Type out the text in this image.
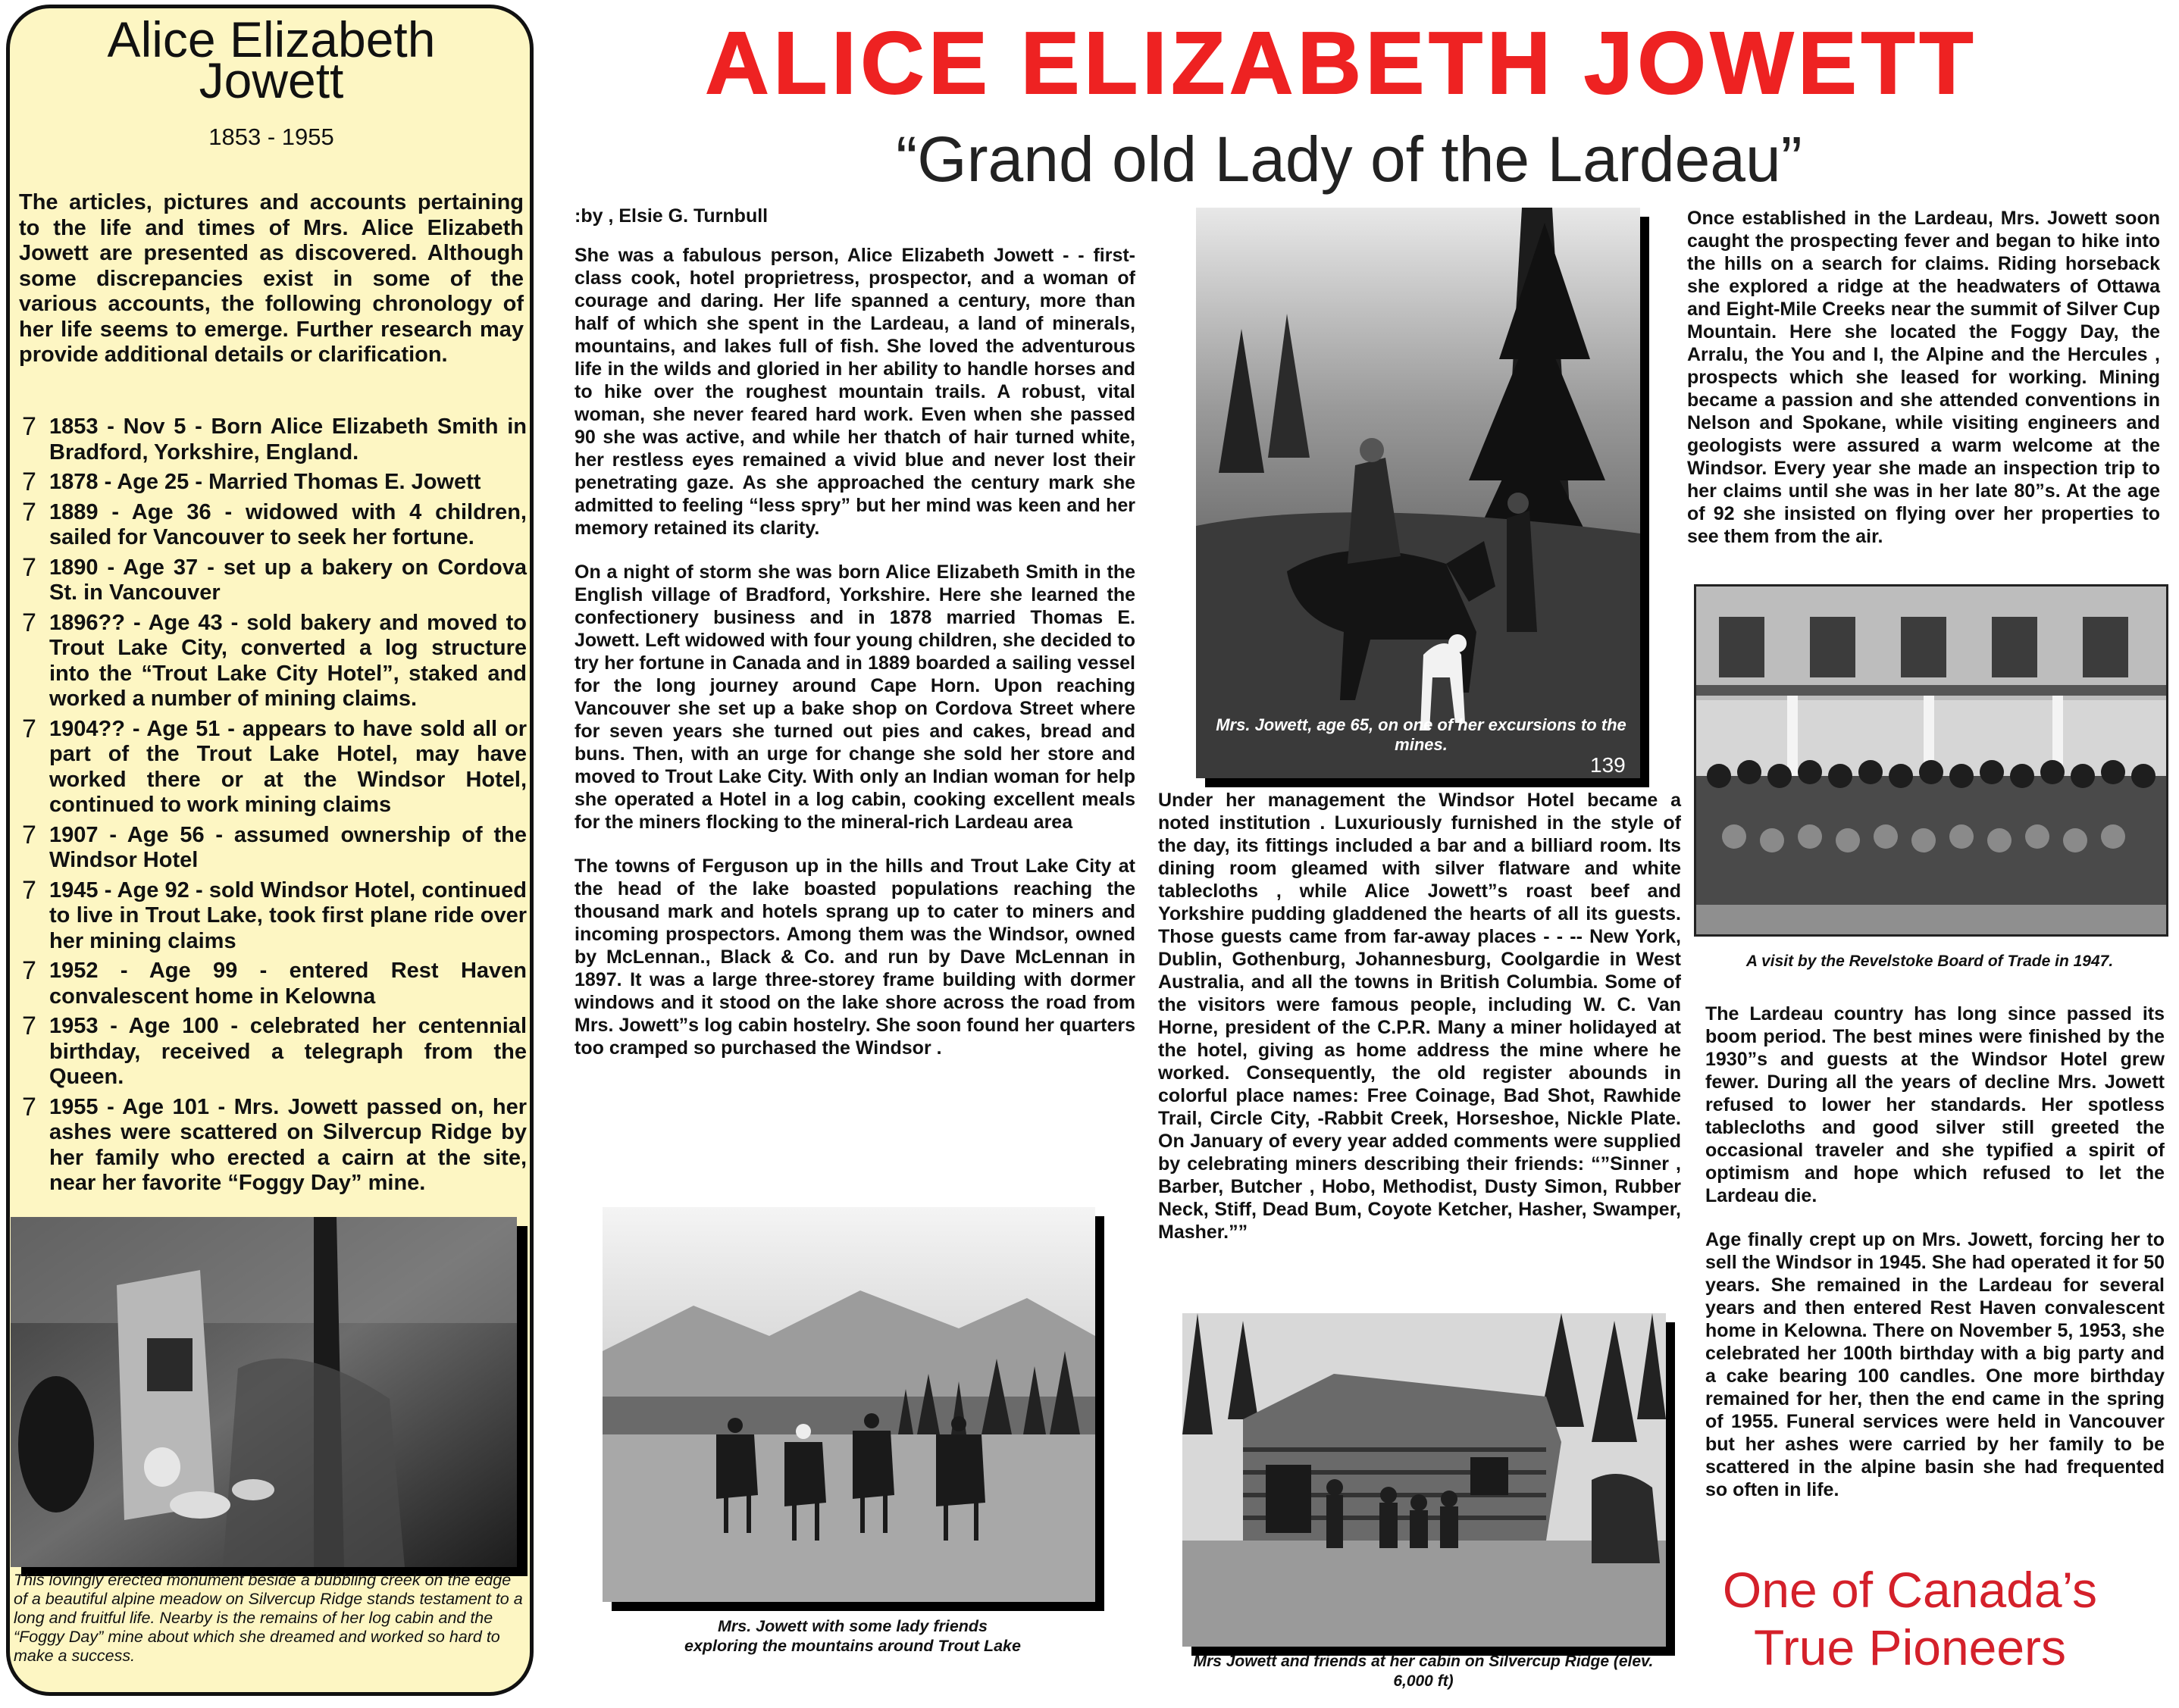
Alice Elizabeth
Jowett
1853 - 1955
The articles, pictures and accounts pertaining to the life and times of Mrs. Alice Elizabeth Jowett are presented as discovered. Although some discrepancies exist in some of the various accounts, the following chronology of her life seems to emerge. Further research may provide additional details or clarification.
7 1853 - Nov 5 - Born Alice Elizabeth Smith in Bradford, Yorkshire, England.
7 1878 - Age 25 - Married Thomas E. Jowett
7 1889 - Age 36 - widowed with 4 children, sailed for Vancouver to seek her fortune.
7 1890 - Age 37 - set up a bakery on Cordova St. in Vancouver
7 1896?? - Age 43 - sold bakery and moved to Trout Lake City, converted a log structure into the “Trout Lake City Hotel”, staked and worked a number of mining claims.
7 1904?? - Age 51 - appears to have sold all or part of the Trout Lake Hotel, may have worked there or at the Windsor Hotel, continued to work mining claims
7 1907 - Age 56 - assumed ownership of the Windsor Hotel
7 1945 - Age 92 - sold Windsor Hotel, continued to live in Trout Lake, took first plane ride over her mining claims
7 1952 - Age 99 - entered Rest Haven convalescent home in Kelowna
7 1953 - Age 100 - celebrated her centennial birthday, received a telegraph from the Queen.
7 1955 - Age 101 - Mrs. Jowett passed on, her ashes were scattered on Silvercup Ridge by her family who erected a cairn at the site, near her favorite “Foggy Day” mine.
This lovingly erected monument beside a bubbling creek on the edge of a beautiful alpine meadow on Silvercup Ridge stands testament to a long and fruitful life. Nearby is the remains of her log cabin and the “Foggy Day” mine about which she dreamed and worked so hard to make a success.
ALICE ELIZABETH JOWETT
“Grand old Lady of the Lardeau”

:by , Elsie G. Turnbull

She was a fabulous person, Alice Elizabeth Jowett - - first-class cook, hotel proprietress, prospector, and a woman of courage and daring. Her life spanned a century, more than half of which she spent in the Lardeau, a land of minerals, mountains, and lakes full of fish. She loved the adventurous life in the wilds and gloried in her ability to handle horses and to hike over the roughest mountain trails. A robust, vital woman, she never feared hard work. Even when she passed 90 she was active, and while her thatch of hair turned white, her restless eyes remained a vivid blue and never lost their penetrating gaze. As she approached the century mark she admitted to feeling “less spry” but her mind was keen and her memory retained its clarity.

On a night of storm she was born Alice Elizabeth Smith in the English village of Bradford, Yorkshire. Here she learned the confectionery business and in 1878 married Thomas E. Jowett. Left widowed with four young children, she decided to try her fortune in Canada and in 1889 boarded a sailing vessel for the long journey around Cape Horn. Upon reaching Vancouver she set up a bake shop on Cordova Street where for seven years she turned out pies and cakes, bread and buns. Then, with an urge for change she sold her store and moved to Trout Lake City. With only an Indian woman for help she operated a Hotel in a log cabin, cooking excellent meals for the miners flocking to the mineral-rich Lardeau area

The towns of Ferguson up in the hills and Trout Lake City at the head of the lake boasted populations reaching the thousand mark and hotels sprang up to cater to miners and incoming prospectors. Among them was the Windsor, owned by McLennan., Black & Co. and run by Dave McLennan in 1897. It was a large three-storey frame building with dormer windows and it stood on the lake shore across the road from Mrs. Jowett”s log cabin hostelry. She soon found her quarters too cramped so purchased the Windsor .

139
Mrs. Jowett, age 65, on one of her excursions to the mines.

Under her management the Windsor Hotel became a noted institution . Luxuriously furnished in the style of the day, its fittings included a bar and a billiard room. Its dining room gleamed with silver flatware and white tablecloths , while Alice Jowett”s roast beef and Yorkshire pudding gladdened the hearts of all its guests. Those guests came from far-away places - - -- New York, Dublin, Gothenburg, Johannesburg, Coolgardie in West Australia, and all the towns in British Columbia. Some of the visitors were famous people, including W. C. Van Horne, president of the C.P.R. Many a miner holidayed at the hotel, giving as home address the mine where he worked. Consequently, the old register abounds in colorful place names: Free Coinage, Bad Shot, Rawhide Trail, Circle City, -Rabbit Creek, Horseshoe, Nickle Plate. On January of every year added comments were supplied by celebrating miners describing their friends: “”Sinner , Barber, Butcher , Hobo, Methodist, Dusty Simon, Rubber Neck, Stiff, Dead Bum, Coyote Ketcher, Hasher, Swamper, Masher.””

Once established in the Lardeau, Mrs. Jowett soon caught the prospecting fever and began to hike into the hills on a search for claims. Riding horseback she explored a ridge at the headwaters of Ottawa and Eight-Mile Creeks near the summit of Silver Cup Mountain. Here she located the Foggy Day, the Arralu, the You and I, the Alpine and the Hercules , prospects which she leased for working. Mining became a passion and she attended conventions in Nelson and Spokane, while visiting engineers and geologists were assured a warm welcome at the Windsor. Every year she made an inspection trip to her claims until she was in her late 80”s. At the age of 92 she insisted on flying over her properties to see them from the air.

A visit by the Revelstoke Board of Trade in 1947.

The Lardeau country has long since passed its boom period. The best mines were finished by the 1930”s and guests at the Windsor Hotel grew fewer. During all the years of decline Mrs. Jowett refused to lower her standards. Her spotless tablecloths and good silver still greeted the occasional traveler and she typified a spirit of optimism and hope which refused to let the Lardeau die.

Age finally crept up on Mrs. Jowett, forcing her to sell the Windsor in 1945. She had operated it for 50 years. She remained in the Lardeau for several years and then entered Rest Haven convalescent home in Kelowna. There on November 5, 1953, she celebrated her 100th birthday with a big party and a cake bearing 100 candles. One more birthday remained for her, then the end came in the spring of 1955. Funeral services were held in Vancouver but her ashes were carried by her family to be scattered in the alpine basin she had frequented so often in life.

Mrs. Jowett with some lady friends
exploring the mountains around Trout Lake
Mrs Jowett and friends at her cabin on Silvercup Ridge (elev. 6,000 ft)
One of Canada’s
True Pioneers
